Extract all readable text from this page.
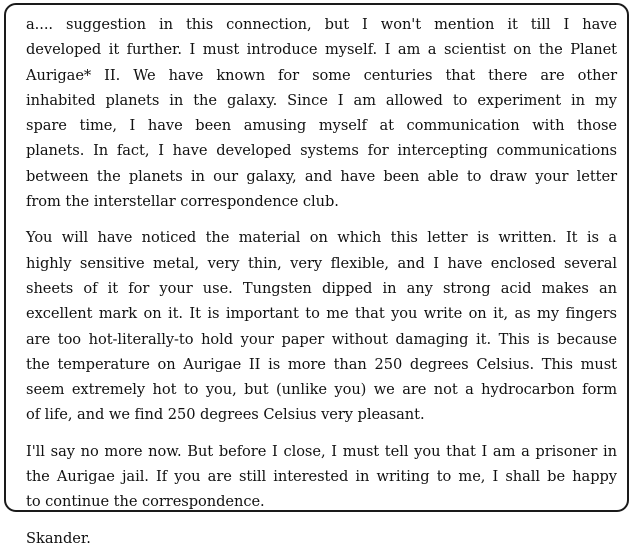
a.... suggestion in this connection, but I won't mention it till I have
developed it further. I must introduce myself. I am a scientist on the Planet
Aurigae* II. We have known for some centuries that there are other
inhabited planets in the galaxy. Since I am allowed to experiment in my
spare time, I have been amusing myself at communication with those
planets. In fact, I have developed systems for intercepting communications
between the planets in our galaxy, and have been able to draw your letter
from the interstellar correspondence club.

You will have noticed the material on which this letter is written. It is a
highly sensitive metal, very thin, very flexible, and I have enclosed several
sheets of it for your use. Tungsten dipped in any strong acid makes an
excellent mark on it. It is important to me that you write on it, as my fingers
are too hot-literally-to hold your paper without damaging it. This is because
the temperature on Aurigae II is more than 250 degrees Celsius. This must
seem extremely hot to you, but (unlike you) we are not a hydrocarbon form
of life, and we find 250 degrees Celsius very pleasant.

I'll say no more now. But before I close, I must tell you that I am a prisoner in
the Aurigae jail. If you are still interested in writing to me, I shall be happy
to continue the correspondence.

Skander.
